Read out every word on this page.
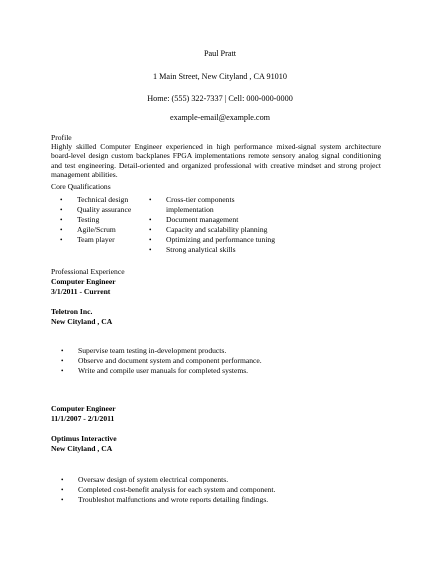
Paul Pratt
1 Main Street, New Cityland , CA 91010
Home: (555) 322-7337 | Cell: 000-000-0000
example-email@example.com
Profile
Highly skilled Computer Engineer experienced in high performance mixed-signal system architecture board-level design custom backplanes FPGA implementations remote sensory analog signal conditioning and test engineering. Detail-oriented and organized professional with creative mindset and strong project management abilities.
Core Qualifications
• Technical design
• Quality assurance
• Testing
• Agile/Scrum
• Team player
• Cross-tier components implementation
• Document management
• Capacity and scalability planning
• Optimizing and performance tuning
• Strong analytical skills
Professional Experience
Computer Engineer
3/1/2011 - Current
Teletron Inc.
New Cityland , CA
• Supervise team testing in-development products.
• Observe and document system and component performance.
• Write and compile user manuals for completed systems.
Computer Engineer
11/1/2007 - 2/1/2011
Optimus Interactive
New Cityland , CA
• Oversaw design of system electrical components.
• Completed cost-benefit analysis for each system and component.
• Troubleshot malfunctions and wrote reports detailing findings.
